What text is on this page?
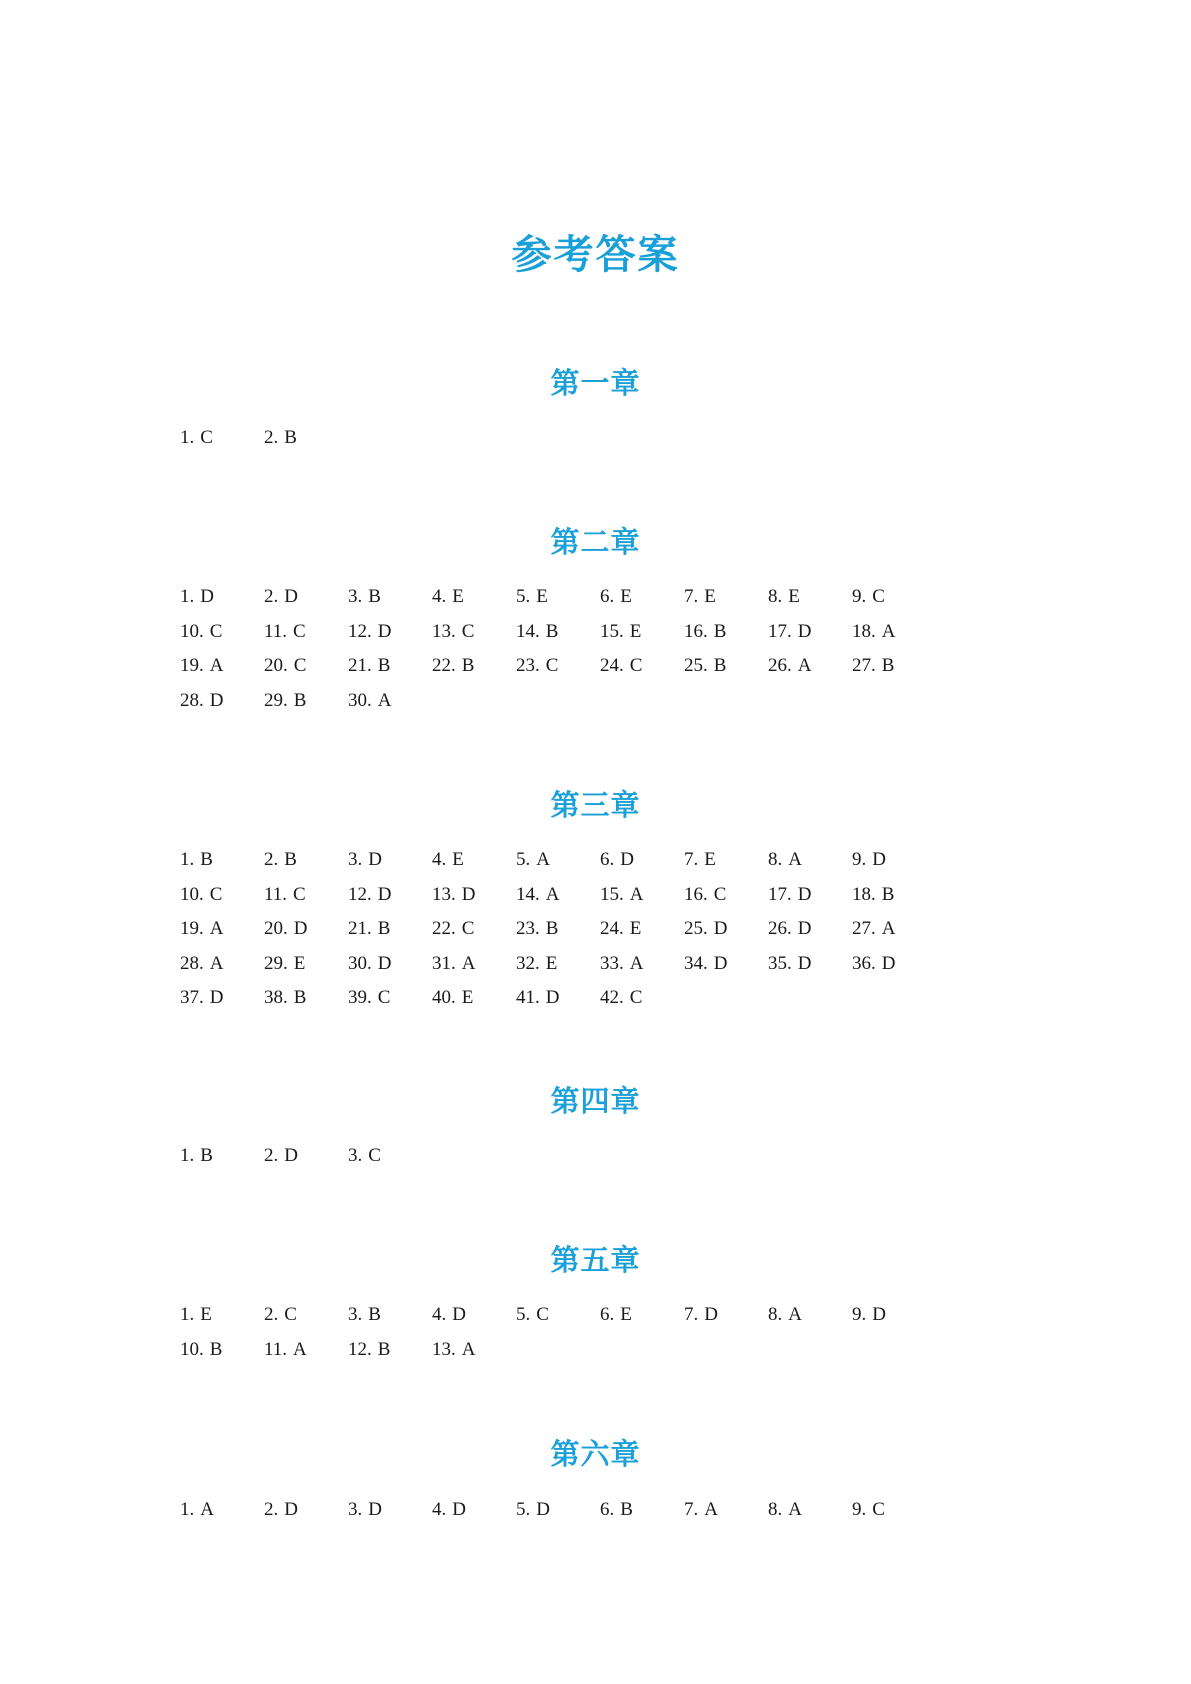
参考答案
第一章
1. C	2. B
第二章
1. D	2. D	3. B	4. E	5. E	6. E	7. E	8. E	9. C
10. C	11. C	12. D	13. C	14. B	15. E	16. B	17. D	18. A
19. A	20. C	21. B	22. B	23. C	24. C	25. B	26. A	27. B
28. D	29. B	30. A
第三章
1. B	2. B	3. D	4. E	5. A	6. D	7. E	8. A	9. D
10. C	11. C	12. D	13. D	14. A	15. A	16. C	17. D	18. B
19. A	20. D	21. B	22. C	23. B	24. E	25. D	26. D	27. A
28. A	29. E	30. D	31. A	32. E	33. A	34. D	35. D	36. D
37. D	38. B	39. C	40. E	41. D	42. C
第四章
1. B	2. D	3. C
第五章
1. E	2. C	3. B	4. D	5. C	6. E	7. D	8. A	9. D
10. B	11. A	12. B	13. A
第六章
1. A	2. D	3. D	4. D	5. D	6. B	7. A	8. A	9. C
